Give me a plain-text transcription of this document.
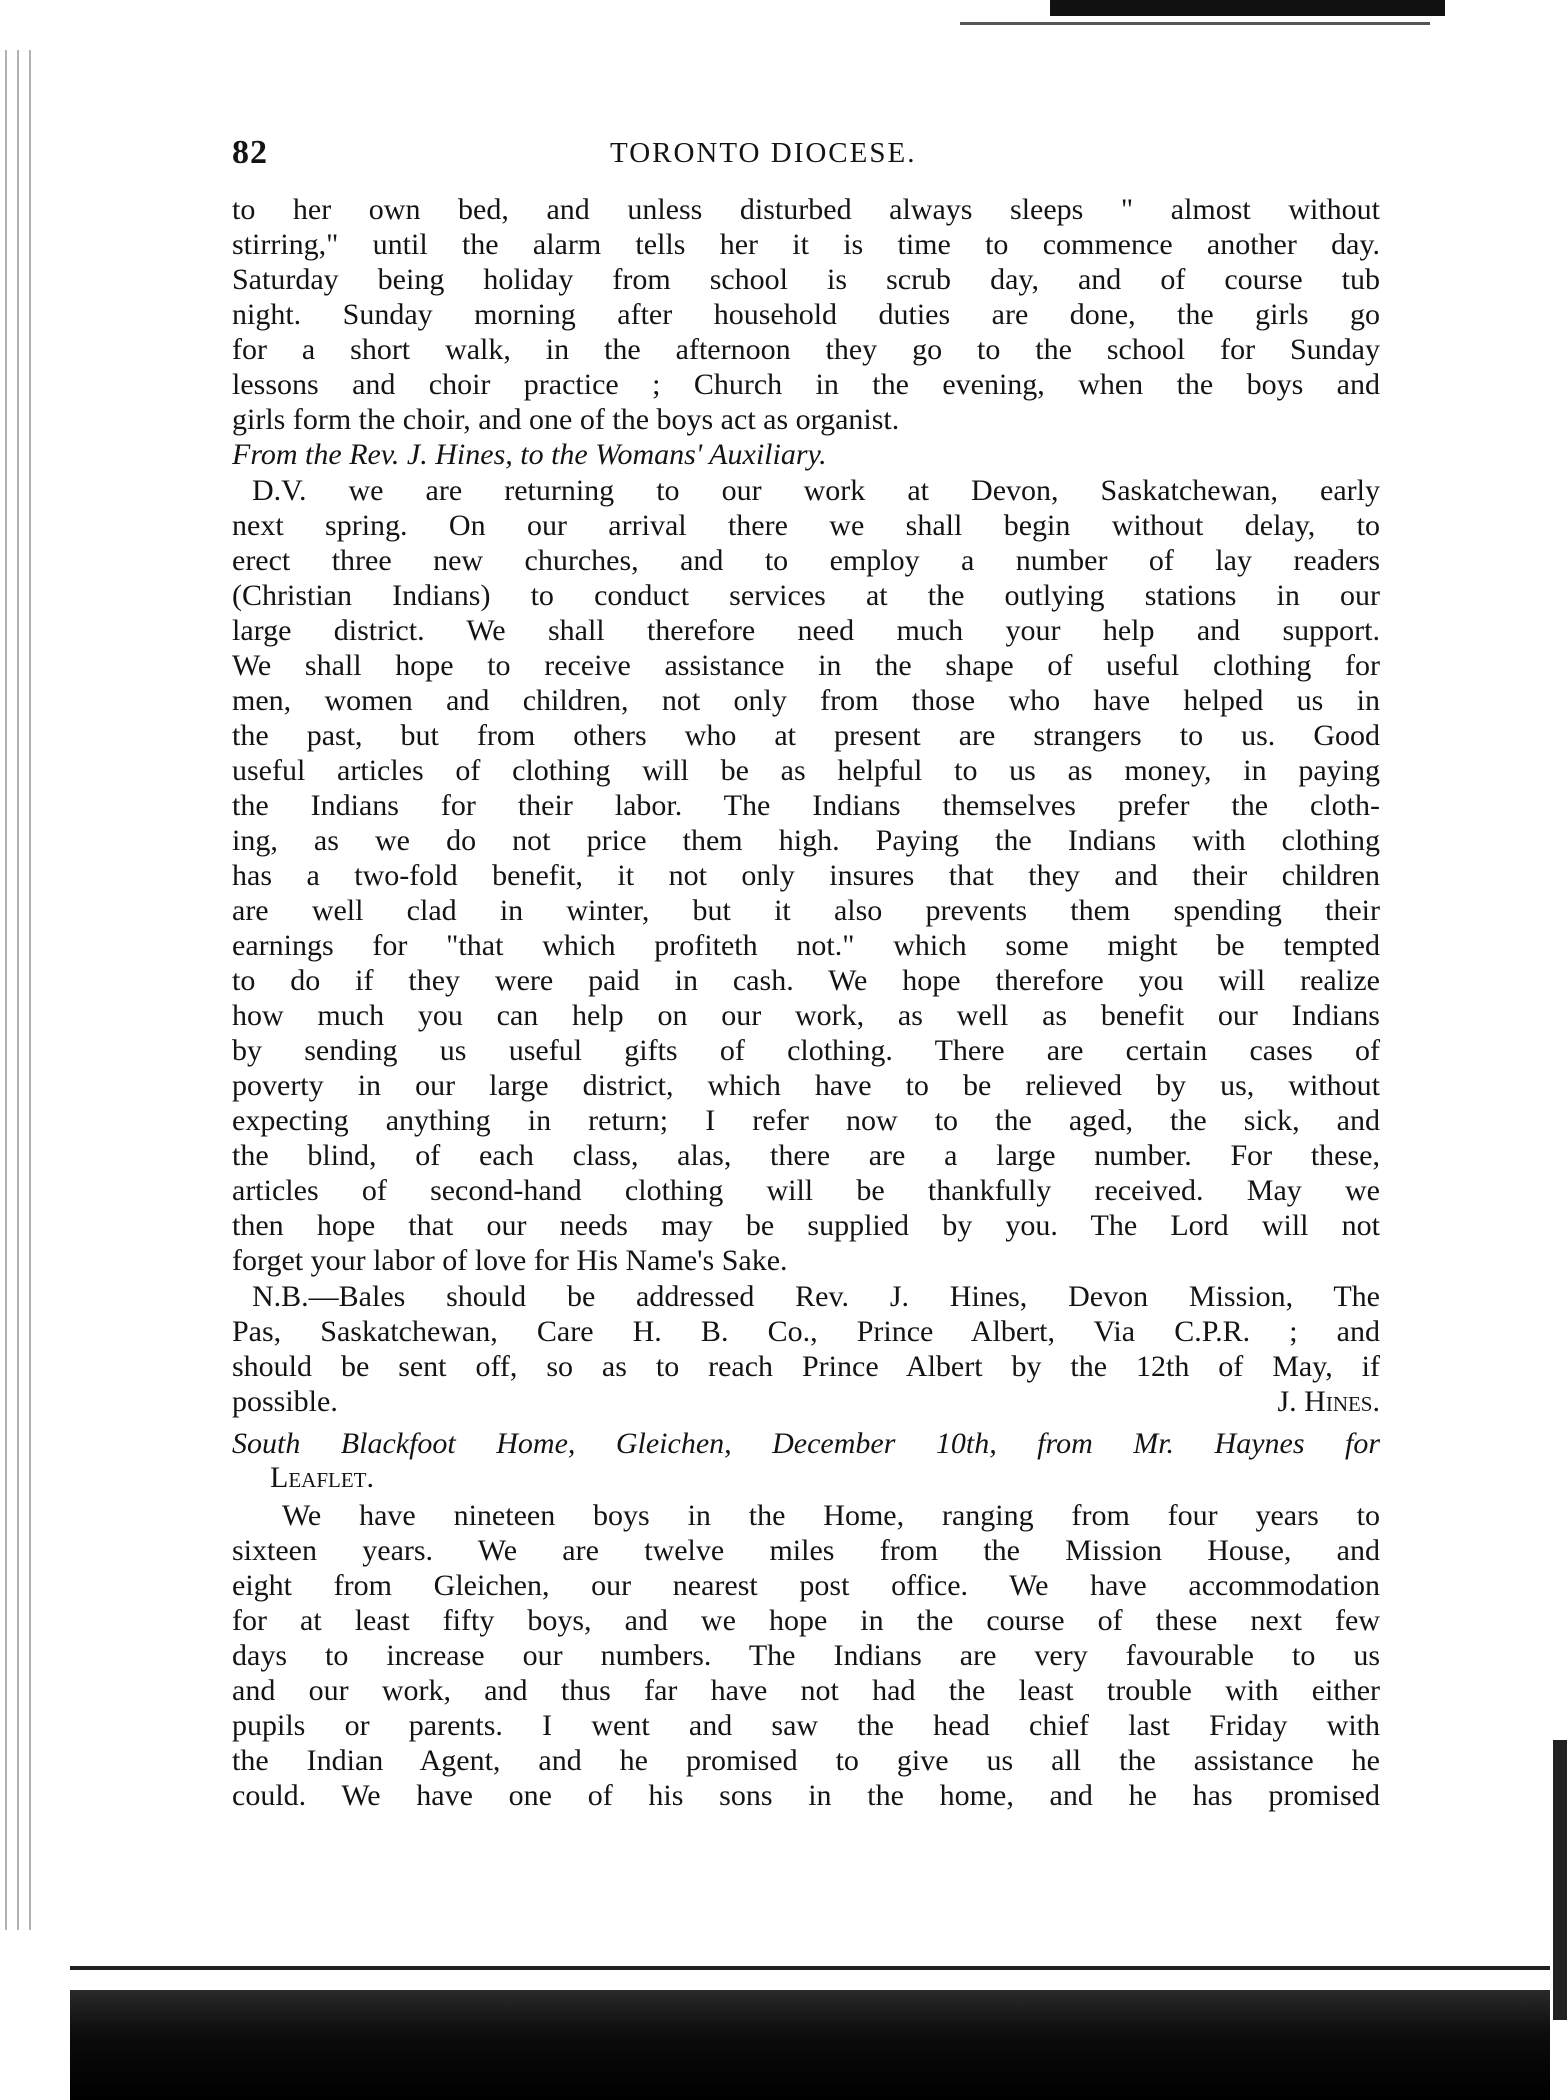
82	TORONTO DIOCESE.
to her own bed, and unless disturbed always sleeps " almost without
stirring," until the alarm tells her it is time to commence another day.
Saturday being holiday from school is scrub day, and of course tub
night. Sunday morning after household duties are done, the girls go
for a short walk, in the afternoon they go to the school for Sunday
lessons and choir practice ; Church in the evening, when the boys and
girls form the choir, and one of the boys act as organist.
From the Rev. J. Hines, to the Womans' Auxiliary.
D.V. we are returning to our work at Devon, Saskatchewan, early
next spring. On our arrival there we shall begin without delay, to
erect three new churches, and to employ a number of lay readers
(Christian Indians) to conduct services at the outlying stations in our
large district. We shall therefore need much your help and support.
We shall hope to receive assistance in the shape of useful clothing for
men, women and children, not only from those who have helped us in
the past, but from others who at present are strangers to us. Good
useful articles of clothing will be as helpful to us as money, in paying
the Indians for their labor. The Indians themselves prefer the cloth-
ing, as we do not price them high. Paying the Indians with clothing
has a two-fold benefit, it not only insures that they and their children
are well clad in winter, but it also prevents them spending their
earnings for "that which profiteth not." which some might be tempted
to do if they were paid in cash. We hope therefore you will realize
how much you can help on our work, as well as benefit our Indians
by sending us useful gifts of clothing. There are certain cases of
poverty in our large district, which have to be relieved by us, without
expecting anything in return; I refer now to the aged, the sick, and
the blind, of each class, alas, there are a large number. For these,
articles of second-hand clothing will be thankfully received. May we
then hope that our needs may be supplied by you. The Lord will not
forget your labor of love for His Name's Sake.
N.B.—Bales should be addressed Rev. J. Hines, Devon Mission, The
Pas, Saskatchewan, Care H. B. Co., Prince Albert, Via C.P.R. ; and
should be sent off, so as to reach Prince Albert by the 12th of May, if
possible.	J. Hines.
South Blackfoot Home, Gleichen, December 10th, from Mr. Haynes for
Leaflet.
We have nineteen boys in the Home, ranging from four years to
sixteen years. We are twelve miles from the Mission House, and
eight from Gleichen, our nearest post office. We have accommodation
for at least fifty boys, and we hope in the course of these next few
days to increase our numbers. The Indians are very favourable to us
and our work, and thus far have not had the least trouble with either
pupils or parents. I went and saw the head chief last Friday with
the Indian Agent, and he promised to give us all the assistance he
could. We have one of his sons in the home, and he has promised
